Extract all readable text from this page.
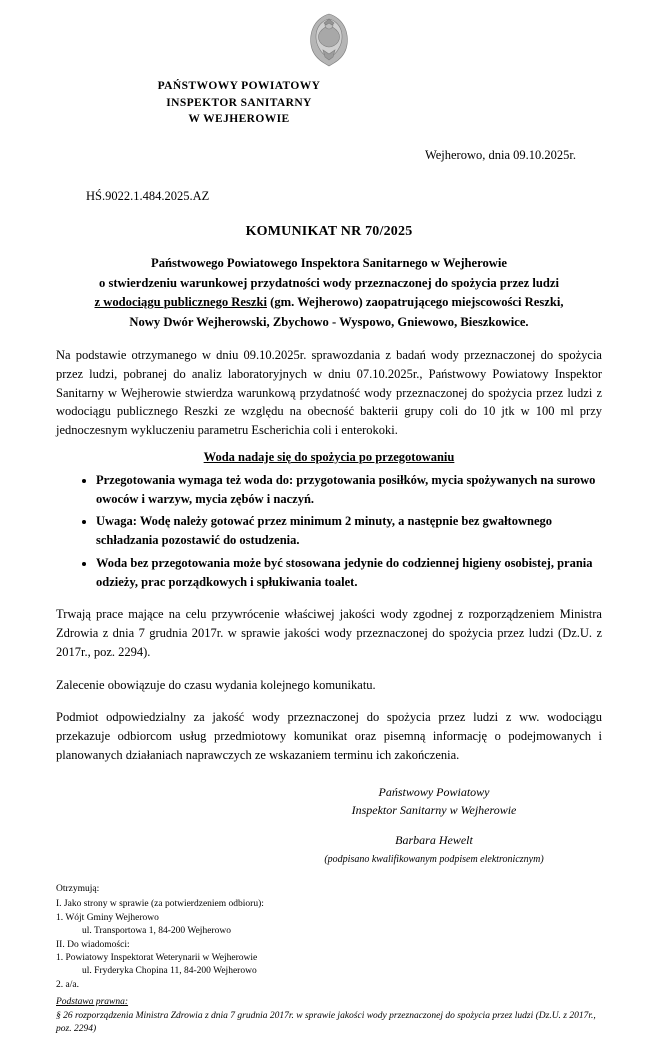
PAŃSTWOWY POWIATOWY
INSPEKTOR SANITARNY
W WEJHEROWIE
Wejherowo, dnia 09.10.2025r.
HŚ.9022.1.484.2025.AZ
KOMUNIKAT NR 70/2025
Państwowego Powiatowego Inspektora Sanitarnego w Wejherowie
o stwierdzeniu warunkowej przydatności wody przeznaczonej do spożycia przez ludzi
z wodociągu publicznego Reszki (gm. Wejherowo) zaopatrującego miejscowości Reszki,
Nowy Dwór Wejherowski, Zbychowo - Wyspowo, Gniewowo, Bieszkowice.
Na podstawie otrzymanego w dniu 09.10.2025r. sprawozdania z badań wody przeznaczonej do spożycia przez ludzi, pobranej do analiz laboratoryjnych w dniu 07.10.2025r., Państwowy Powiatowy Inspektor Sanitarny w Wejherowie stwierdza warunkową przydatność wody przeznaczonej do spożycia przez ludzi z wodociągu publicznego Reszki ze względu na obecność bakterii grupy coli do 10 jtk w 100 ml przy jednoczesnym wykluczeniu parametru Escherichia coli i enterokoki.
Woda nadaje się do spożycia po przegotowaniu
• Przegotowania wymaga też woda do: przygotowania posiłków, mycia spożywanych na surowo owoców i warzyw, mycia zębów i naczyń.
• Uwaga: Wodę należy gotować przez minimum 2 minuty, a następnie bez gwałtownego schładzania pozostawić do ostudzenia.
• Woda bez przegotowania może być stosowana jedynie do codziennej higieny osobistej, prania odzieży, prac porządkowych i spłukiwania toalet.
Trwają prace mające na celu przywrócenie właściwej jakości wody zgodnej z rozporządzeniem Ministra Zdrowia z dnia 7 grudnia 2017r. w sprawie jakości wody przeznaczonej do spożycia przez ludzi (Dz.U. z 2017r., poz. 2294).
Zalecenie obowiązuje do czasu wydania kolejnego komunikatu.
Podmiot odpowiedzialny za jakość wody przeznaczonej do spożycia przez ludzi z ww. wodociągu przekazuje odbiorcom usług przedmiotowy komunikat oraz pisemną informację o podejmowanych i planowanych działaniach naprawczych ze wskazaniem terminu ich zakończenia.
Państwowy Powiatowy
Inspektor Sanitarny w Wejherowie
Barbara Hewelt
(podpisano kwalifikowanym podpisem elektronicznym)
Otrzymują:
I. Jako strony w sprawie (za potwierdzeniem odbioru):
1. Wójt Gminy Wejherowo
ul. Transportowa 1, 84-200 Wejherowo
II. Do wiadomości:
1. Powiatowy Inspektorat Weterynarii w Wejherowie
ul. Fryderyka Chopina 11, 84-200 Wejherowo
2. a/a.
Podstawa prawna:
§ 26 rozporządzenia Ministra Zdrowia z dnia 7 grudnia 2017r. w sprawie jakości wody przeznaczonej do spożycia przez ludzi (Dz.U. z 2017r., poz. 2294)
